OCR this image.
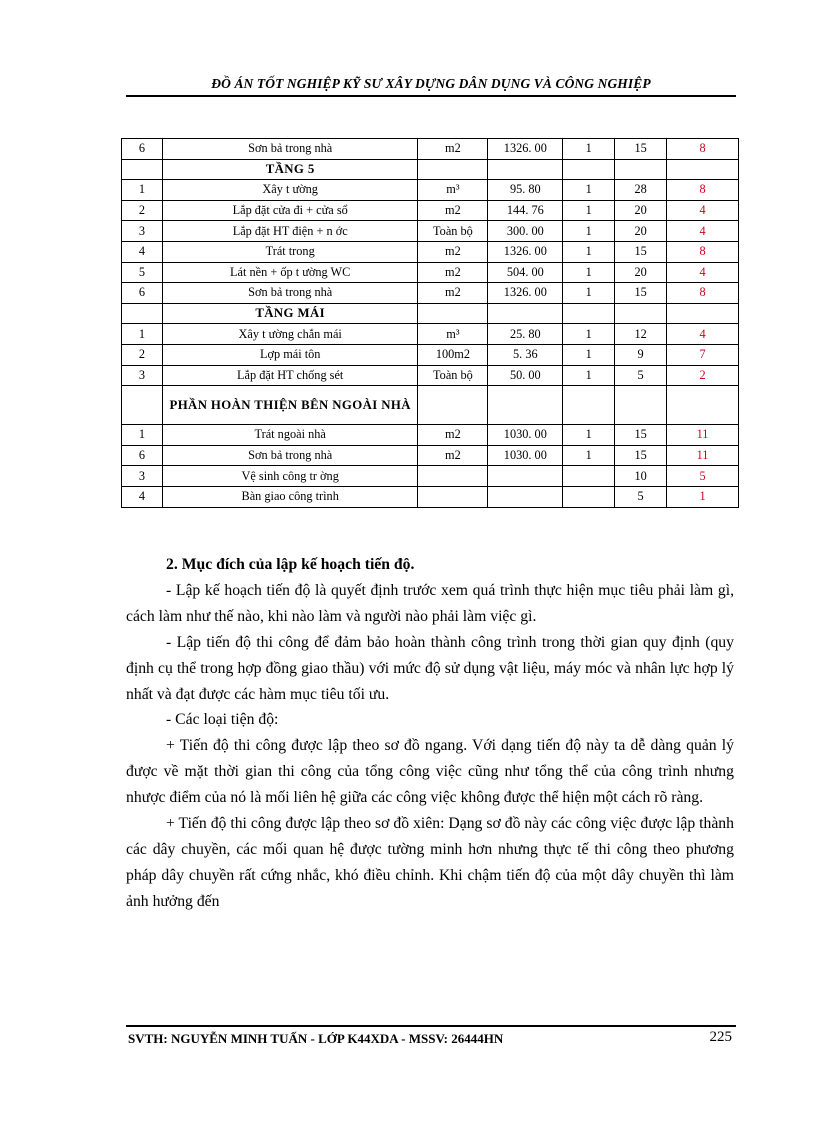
ĐỒ ÁN TỐT NGHIỆP KỸ SƯ XÂY DỰNG DÂN DỤNG VÀ CÔNG NGHIỆP
6	Sơn bả trong nhà	m2	1326. 00	1	15	8
	TẦNG 5					
1	Xây t ường	m³	95. 80	1	28	8
2	Lắp đặt cửa đi + cửa sổ	m2	144. 76	1	20	4
3	Lắp đặt HT điện + n ớc	Toàn bộ	300. 00	1	20	4
4	Trát trong	m2	1326. 00	1	15	8
5	Lát nền + ốp t ường WC	m2	504. 00	1	20	4
6	Sơn bả trong nhà	m2	1326. 00	1	15	8
	TẦNG MÁI					
1	Xây t ường chắn mái	m³	25. 80	1	12	4
2	Lợp mái tôn	100m2	5. 36	1	9	7
3	Lắp đặt HT chống sét	Toàn bộ	50. 00	1	5	2
	PHẦN HOÀN THIỆN BÊN NGOÀI NHÀ					
1	Trát ngoài nhà	m2	1030. 00	1	15	11
6	Sơn bả trong nhà	m2	1030. 00	1	15	11
3	Vệ sinh công tr ờng				10	5
4	Bàn giao công trình				5	1
2. Mục đích của lập kế hoạch tiến độ.

- Lập kế hoạch tiến độ là quyết định trước xem quá trình thực hiện mục tiêu phải làm gì, cách làm như thế nào, khi nào làm và người nào phải làm việc gì.

- Lập tiến độ thi công để đảm bảo hoàn thành công trình trong thời gian quy định (quy định cụ thể trong hợp đồng giao thầu) với mức độ sử dụng vật liệu, máy móc và nhân lực hợp lý nhất và đạt được các hàm mục tiêu tối ưu.

- Các loại tiện độ:

+ Tiến độ thi công được lập theo sơ đồ ngang. Với dạng tiến độ này ta dễ dàng quản lý được về mặt thời gian thi công của tổng công việc cũng như tổng thể của công trình nhưng nhược điểm của nó là mối liên hệ giữa các công việc không được thể hiện một cách rõ ràng.

+ Tiến độ thi công được lập theo sơ đồ xiên: Dạng sơ đồ này các công việc được lập thành các dây chuyền, các mối quan hệ được tường minh hơn nhưng thực tế thi công theo phương pháp dây chuyền rất cứng nhắc, khó điều chỉnh. Khi chậm tiến độ của một dây chuyền thì làm ảnh hưởng đến

SVTH: NGUYỄN MINH TUẤN - LỚP K44XDA - MSSV: 26444HN	225
